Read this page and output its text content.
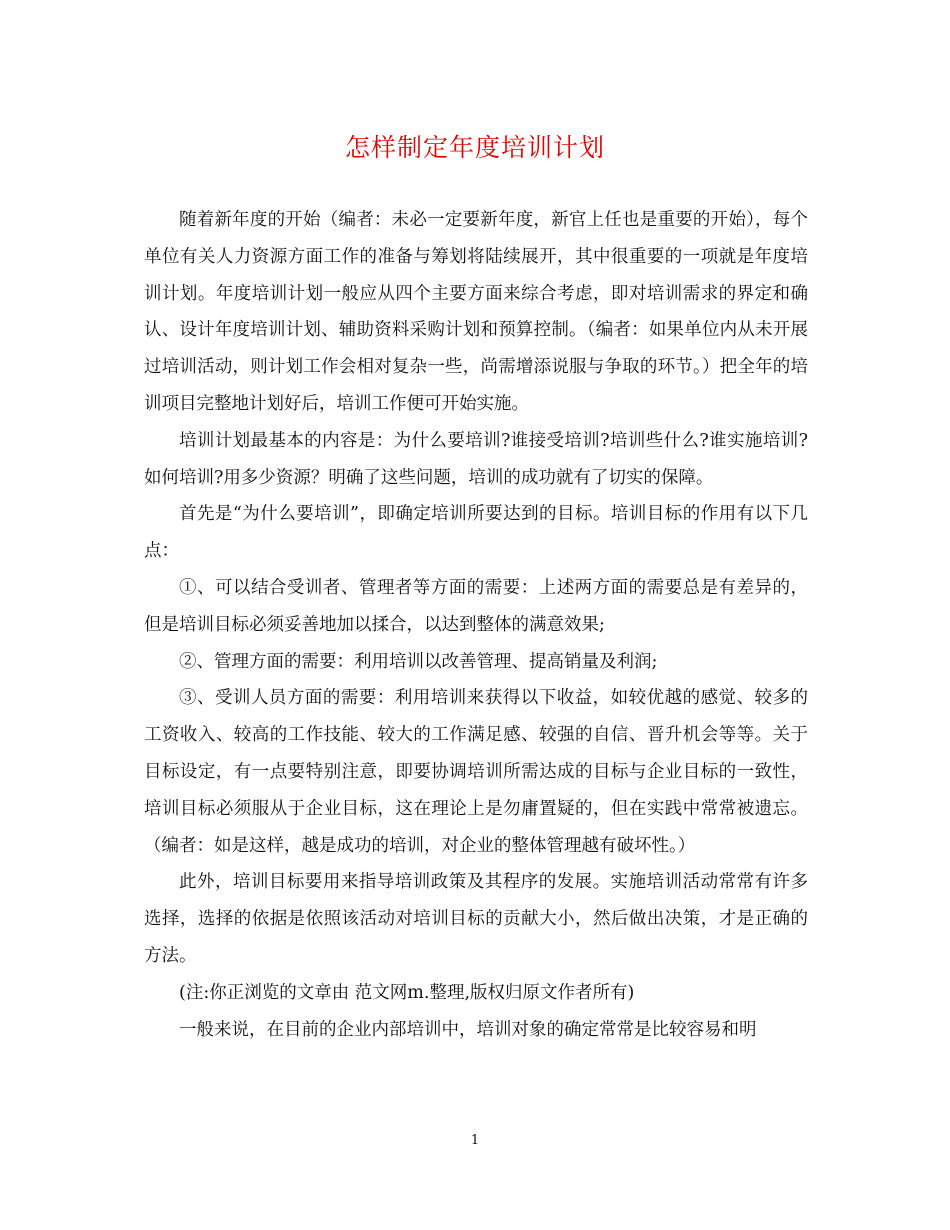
怎样制定年度培训计划

随着新年度的开始（编者：未必一定要新年度，新官上任也是重要的开始），每个单位有关人力资源方面工作的准备与筹划将陆续展开，其中很重要的一项就是年度培训计划。年度培训计划一般应从四个主要方面来综合考虑，即对培训需求的界定和确认、设计年度培训计划、辅助资料采购计划和预算控制。（编者：如果单位内从未开展过培训活动，则计划工作会相对复杂一些，尚需增添说服与争取的环节。）把全年的培训项目完整地计划好后，培训工作便可开始实施。

培训计划最基本的内容是：为什么要培训?谁接受培训?培训些什么?谁实施培训?如何培训?用多少资源？明确了这些问题，培训的成功就有了切实的保障。

首先是“为什么要培训”，即确定培训所要达到的目标。培训目标的作用有以下几点：

①、可以结合受训者、管理者等方面的需要：上述两方面的需要总是有差异的，但是培训目标必须妥善地加以揉合，以达到整体的满意效果;

②、管理方面的需要：利用培训以改善管理、提高销量及利润;

③、受训人员方面的需要：利用培训来获得以下收益，如较优越的感觉、较多的工资收入、较高的工作技能、较大的工作满足感、较强的自信、晋升机会等等。关于目标设定，有一点要特别注意，即要协调培训所需达成的目标与企业目标的一致性，培训目标必须服从于企业目标，这在理论上是勿庸置疑的，但在实践中常常被遗忘。（编者：如是这样，越是成功的培训，对企业的整体管理越有破坏性。）

此外，培训目标要用来指导培训政策及其程序的发展。实施培训活动常常有许多选择，选择的依据是依照该活动对培训目标的贡献大小，然后做出决策，才是正确的方法。

(注:你正浏览的文章由 范文网m.整理,版权归原文作者所有)

一般来说，在目前的企业内部培训中，培训对象的确定常常是比较容易和明

1
